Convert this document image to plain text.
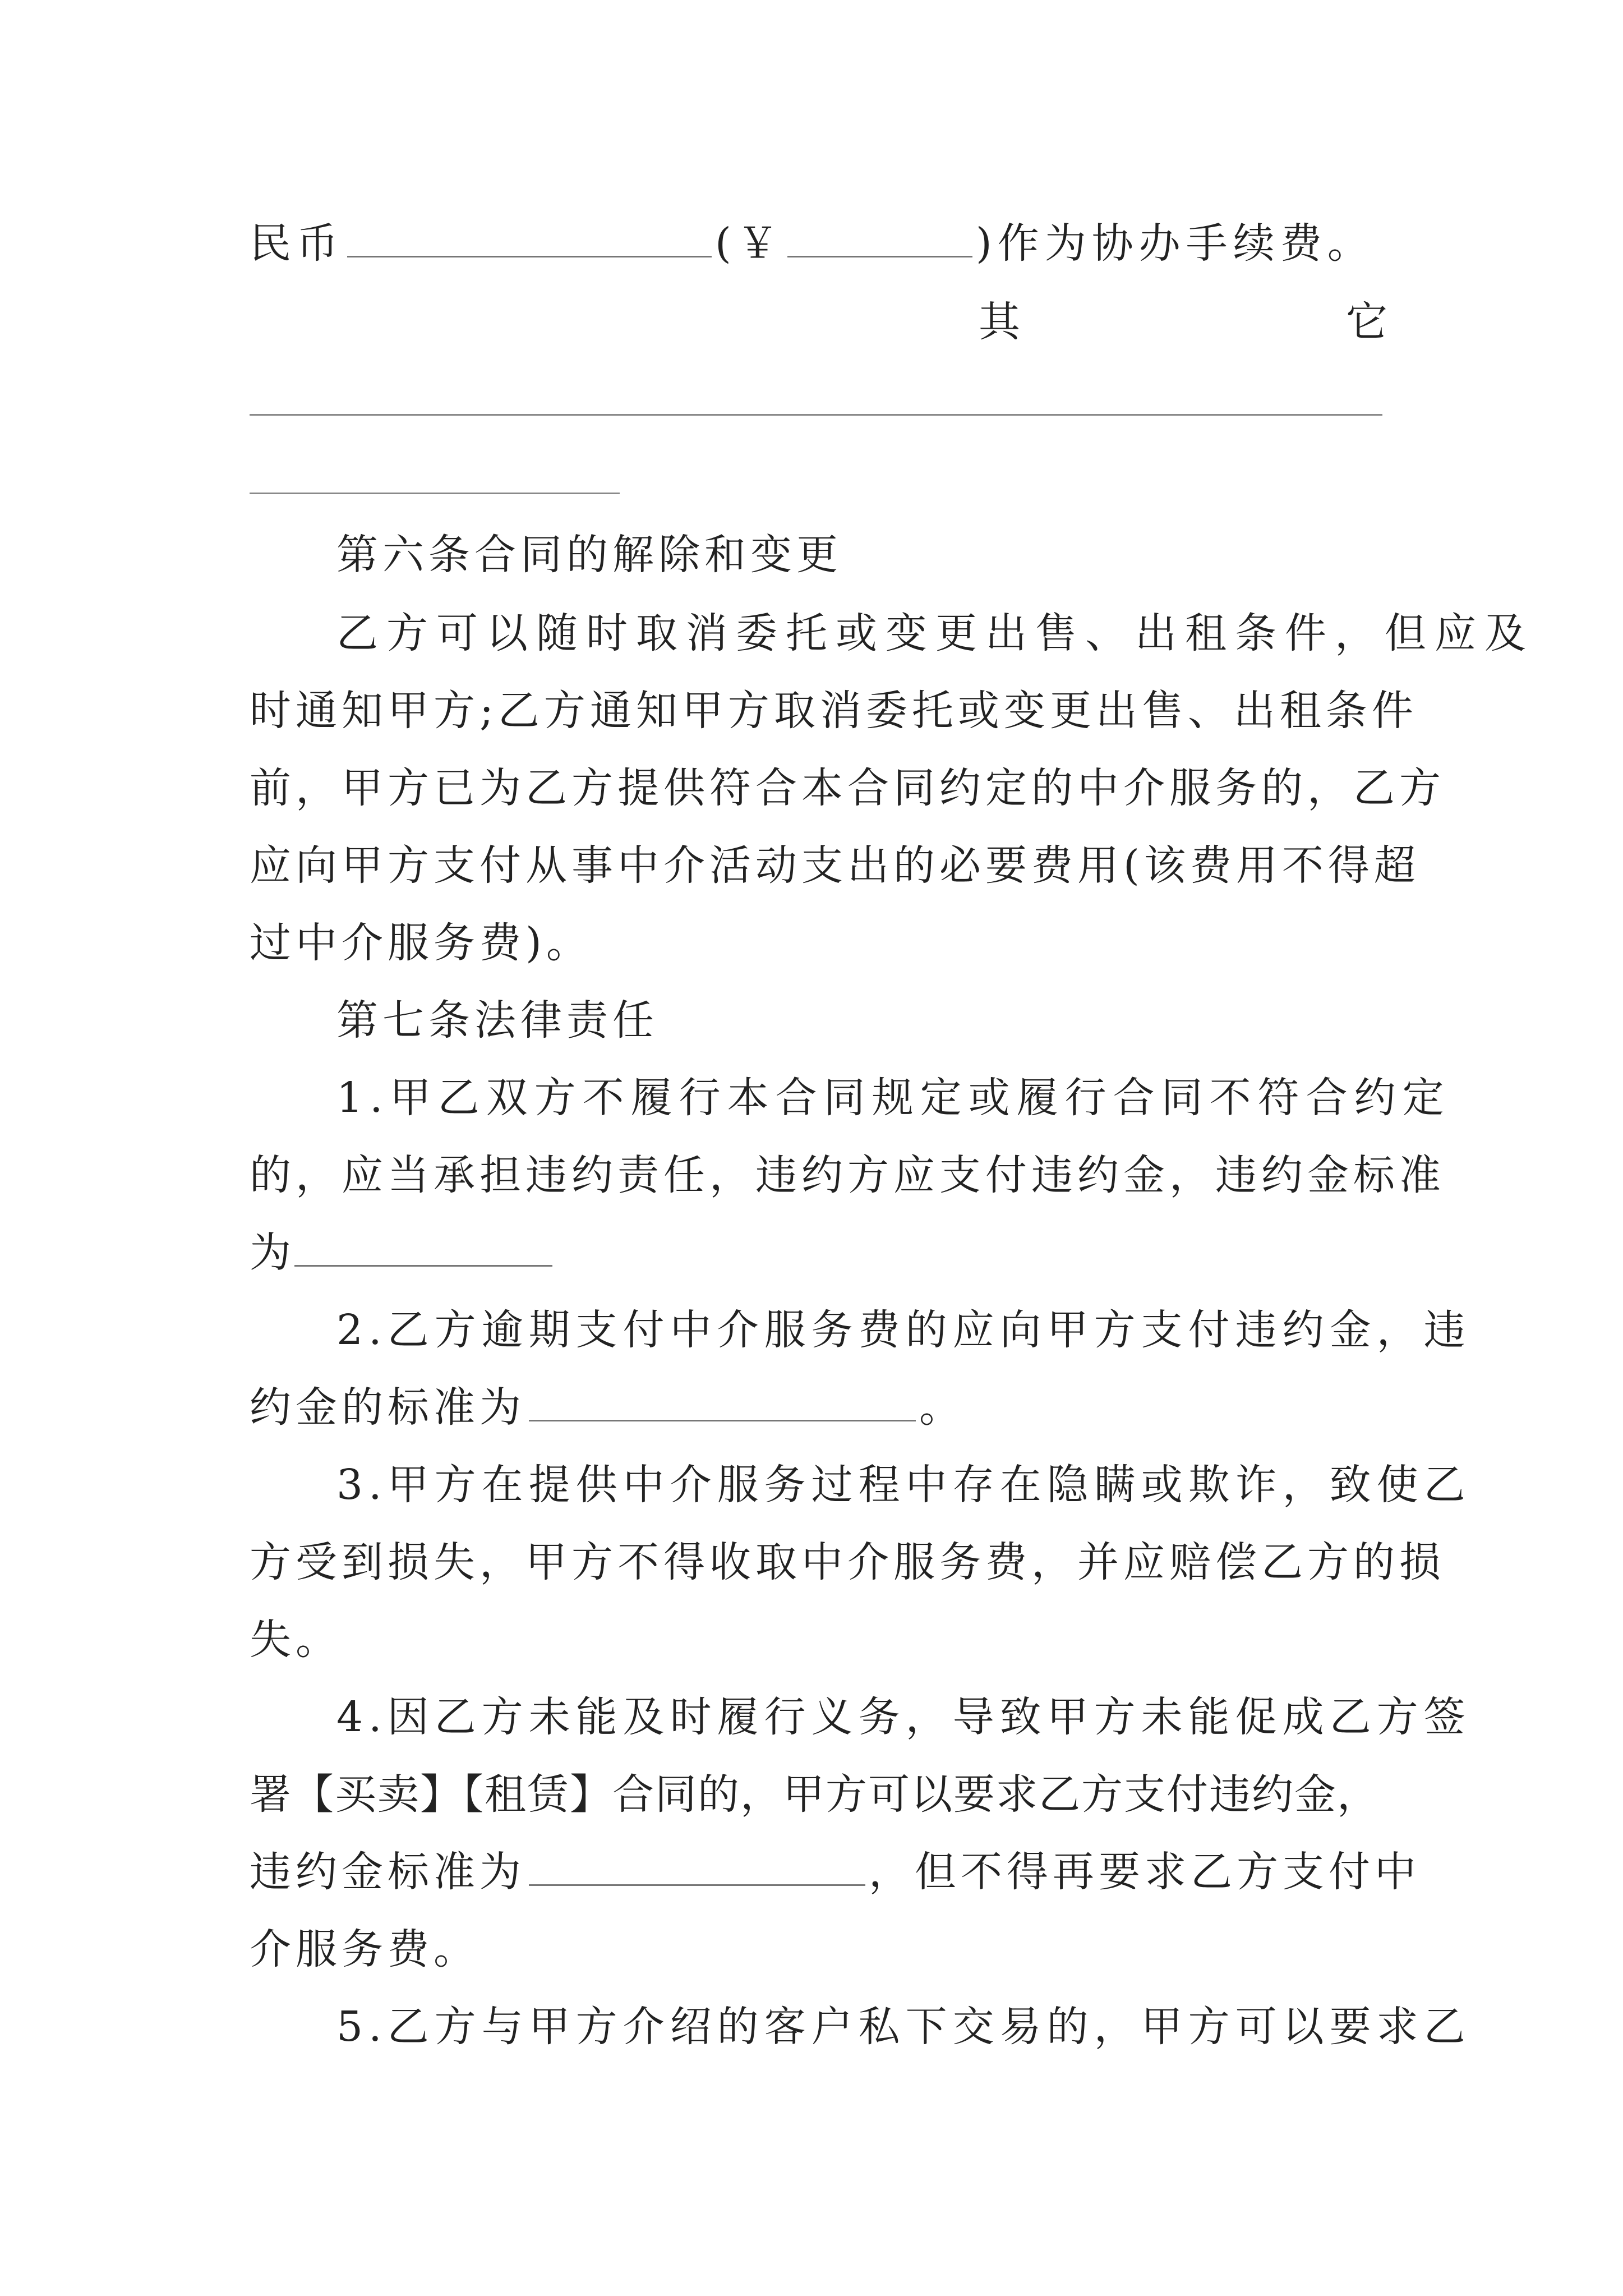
民币	(￥	)作为协办手续费。
其	它
第六条合同的解除和变更
乙方可以随时取消委托或变更出售、出租条件，但应及
时通知甲方;乙方通知甲方取消委托或变更出售、出租条件
前，甲方已为乙方提供符合本合同约定的中介服务的，乙方
应向甲方支付从事中介活动支出的必要费用(该费用不得超
过中介服务费)。
第七条法律责任
1.甲乙双方不履行本合同规定或履行合同不符合约定
的，应当承担违约责任，违约方应支付违约金，违约金标准
为
2.乙方逾期支付中介服务费的应向甲方支付违约金，违
约金的标准为	。
3.甲方在提供中介服务过程中存在隐瞒或欺诈，致使乙
方受到损失，甲方不得收取中介服务费，并应赔偿乙方的损
失。
4.因乙方未能及时履行义务，导致甲方未能促成乙方签
署【买卖】【租赁】合同的，甲方可以要求乙方支付违约金，
违约金标准为	，但不得再要求乙方支付中
介服务费。
5.乙方与甲方介绍的客户私下交易的，甲方可以要求乙
